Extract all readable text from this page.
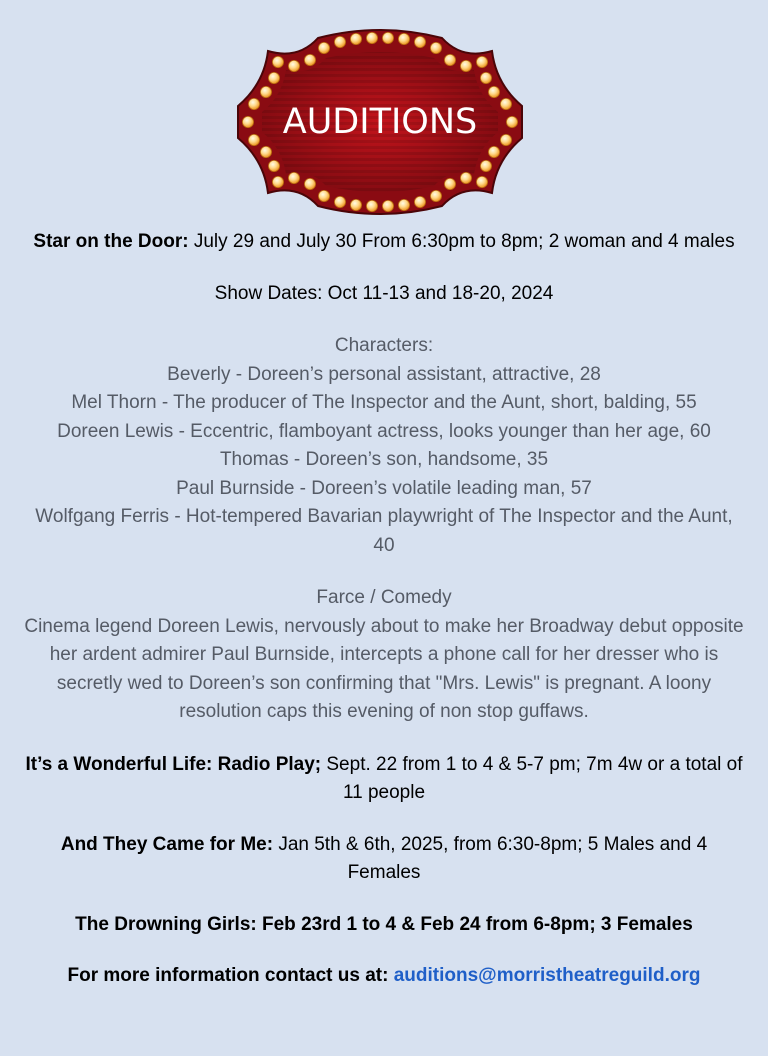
AUDITIONS

Star on the Door: July 29 and July 30 From 6:30pm to 8pm; 2 woman and 4 males

Show Dates: Oct 11-13 and 18-20, 2024

Characters:

Beverly - Doreen’s personal assistant, attractive, 28

Mel Thorn - The producer of The Inspector and the Aunt, short, balding, 55

Doreen Lewis - Eccentric, flamboyant actress, looks younger than her age, 60

Thomas - Doreen’s son, handsome, 35

Paul Burnside - Doreen’s volatile leading man, 57

Wolfgang Ferris - Hot-tempered Bavarian playwright of The Inspector and the Aunt, 40

Farce / Comedy

Cinema legend Doreen Lewis, nervously about to make her Broadway debut opposite her ardent admirer Paul Burnside, intercepts a phone call for her dresser who is secretly wed to Doreen’s son confirming that "Mrs. Lewis" is pregnant. A loony resolution caps this evening of non stop guffaws.

It’s a Wonderful Life: Radio Play; Sept. 22 from 1 to 4 & 5-7 pm; 7m 4w or a total of 11 people

And They Came for Me: Jan 5th & 6th, 2025, from 6:30-8pm; 5 Males and 4 Females

The Drowning Girls: Feb 23rd 1 to 4 & Feb 24 from 6-8pm; 3 Females

For more information contact us at: auditions@morristheatreguild.org
